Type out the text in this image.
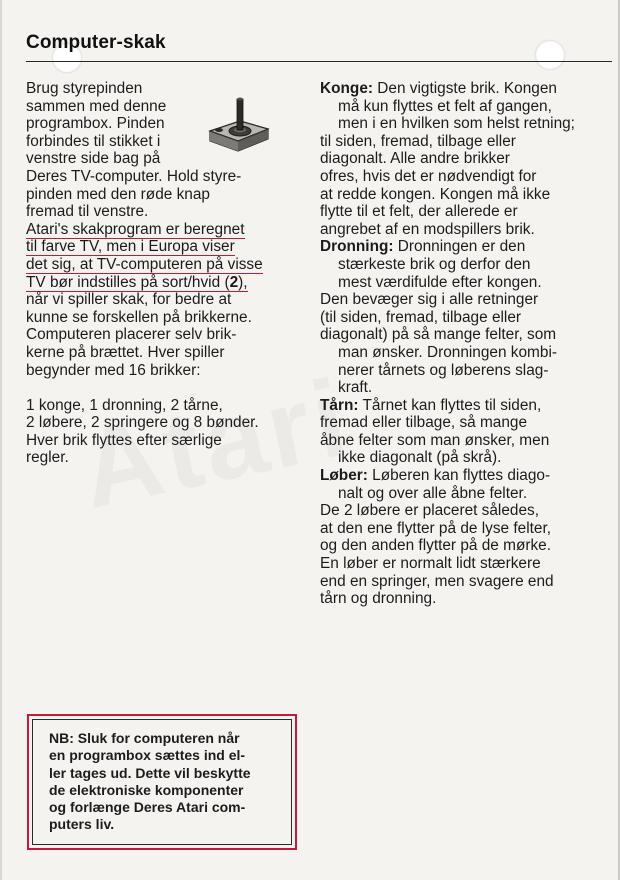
Computer-skak

Brug styrepinden

sammen med denne

programbox. Pinden

forbindes til stikket i

venstre side bag på

Deres TV-computer. Hold styre-

pinden med den røde knap

fremad til venstre.

Atari's skakprogram er beregnet

til farve TV, men i Europa viser

det sig, at TV-computeren på visse

TV bør indstilles på sort/hvid (2),

når vi spiller skak, for bedre at

kunne se forskellen på brikkerne.

Computeren placerer selv brik-

kerne på brættet. Hver spiller

begynder med 16 brikker:

1 konge, 1 dronning, 2 tårne,

2 løbere, 2 springere og 8 bønder.

Hver brik flyttes efter særlige

regler.

Konge: Den vigtigste brik. Kongen

må kun flyttes et felt af gangen,

men i en hvilken som helst retning;

til siden, fremad, tilbage eller

diagonalt. Alle andre brikker

ofres, hvis det er nødvendigt for

at redde kongen. Kongen må ikke

flytte til et felt, der allerede er

angrebet af en modspillers brik.

Dronning: Dronningen er den

stærkeste brik og derfor den

mest værdifulde efter kongen.

Den bevæger sig i alle retninger

(til siden, fremad, tilbage eller

diagonalt) på så mange felter, som

man ønsker. Dronningen kombi-

nerer tårnets og løberens slag-

kraft.

Tårn: Tårnet kan flyttes til siden,

fremad eller tilbage, så mange

åbne felter som man ønsker, men

ikke diagonalt (på skrå).

Løber: Løberen kan flyttes diago-

nalt og over alle åbne felter.

De 2 løbere er placeret således,

at den ene flytter på de lyse felter,

og den anden flytter på de mørke.

En løber er normalt lidt stærkere

end en springer, men svagere end

tårn og dronning.

NB: Sluk for computeren når
en programbox sættes ind el-
ler tages ud. Dette vil beskytte
de elektroniske komponenter
og forlænge Deres Atari com-
puters liv.
